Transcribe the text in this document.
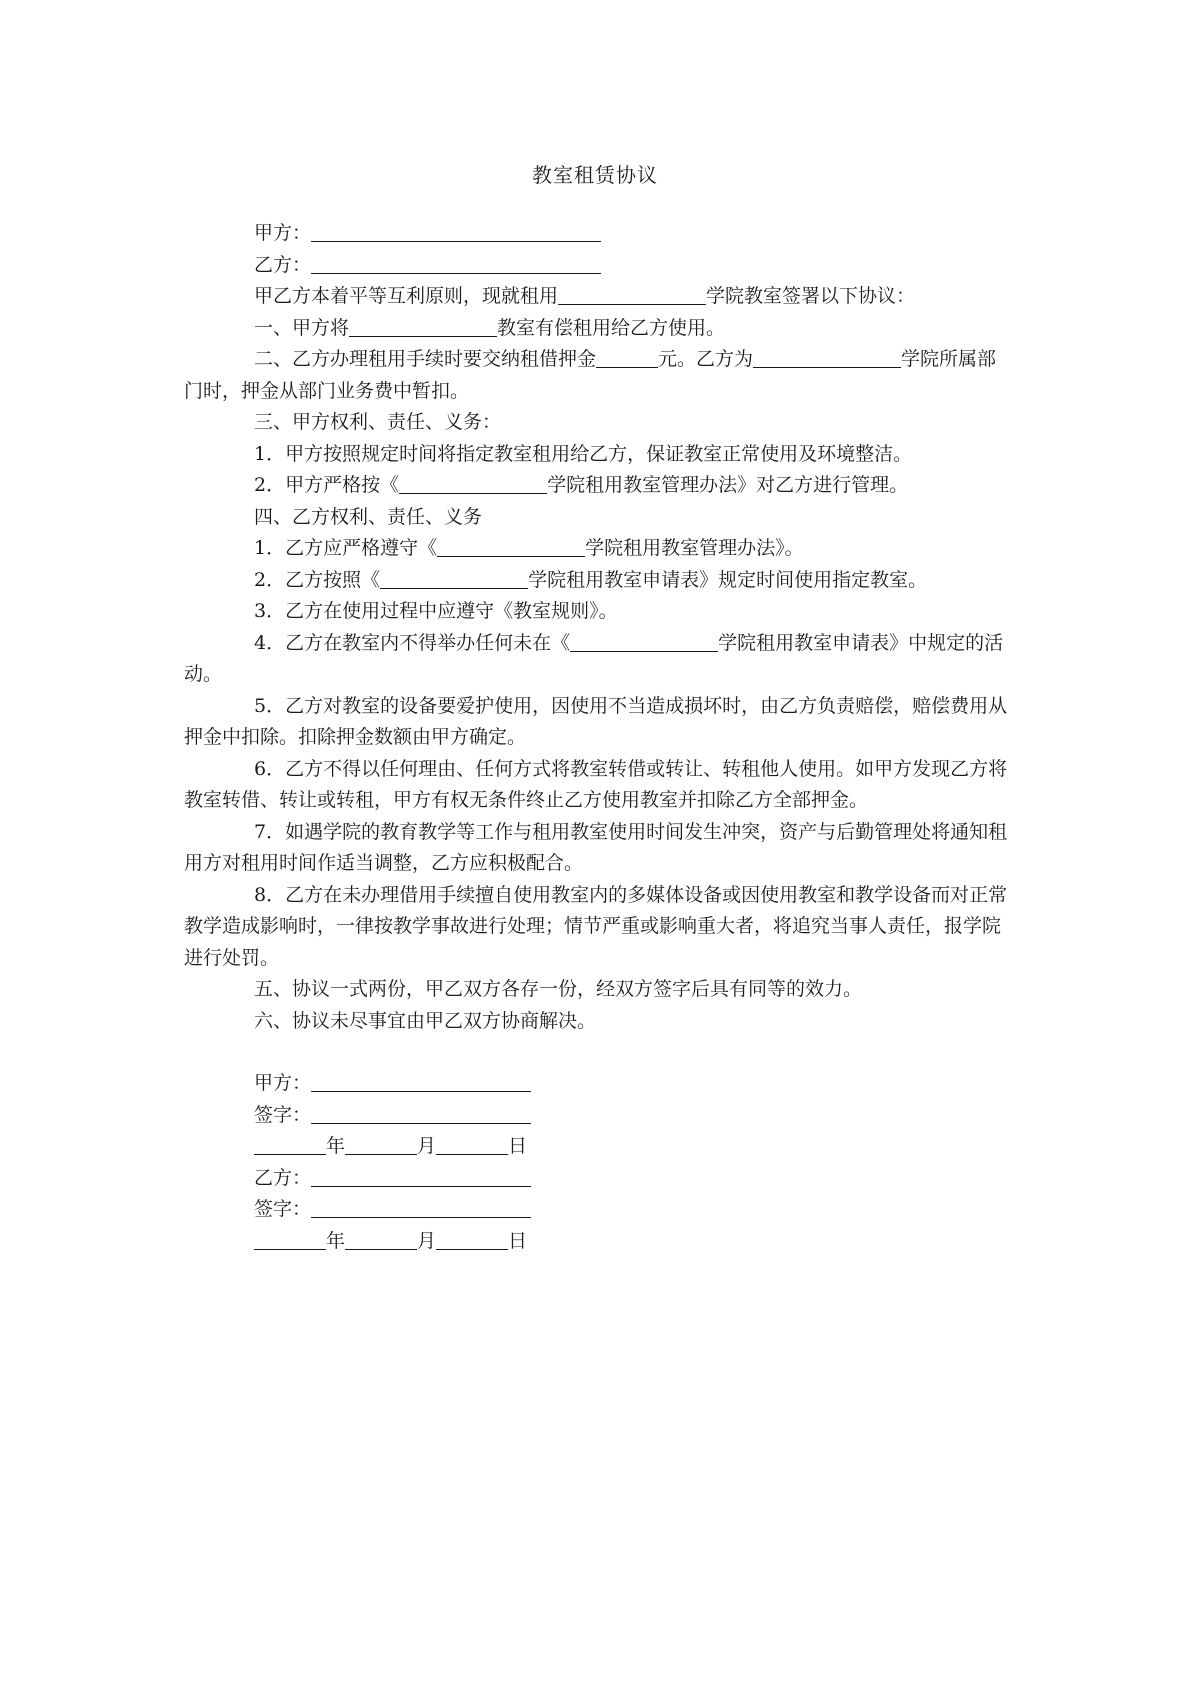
教室租赁协议

甲方：

乙方：

甲乙方本着平等互利原则，现就租用	学院教室签署以下协议：

一、甲方将	教室有偿租用给乙方使用。

二、乙方办理租用手续时要交纳租借押金	元。乙方为	学院所属部门时，押金从部门业务费中暂扣。

三、甲方权利、责任、义务：

1．甲方按照规定时间将指定教室租用给乙方，保证教室正常使用及环境整洁。

2．甲方严格按《	学院租用教室管理办法》对乙方进行管理。

四、乙方权利、责任、义务

1．乙方应严格遵守《	学院租用教室管理办法》。

2．乙方按照《	学院租用教室申请表》规定时间使用指定教室。

3．乙方在使用过程中应遵守《教室规则》。

4．乙方在教室内不得举办任何未在《	学院租用教室申请表》中规定的活动。

5．乙方对教室的设备要爱护使用，因使用不当造成损坏时，由乙方负责赔偿，赔偿费用从押金中扣除。扣除押金数额由甲方确定。

6．乙方不得以任何理由、任何方式将教室转借或转让、转租他人使用。如甲方发现乙方将教室转借、转让或转租，甲方有权无条件终止乙方使用教室并扣除乙方全部押金。

7．如遇学院的教育教学等工作与租用教室使用时间发生冲突，资产与后勤管理处将通知租用方对租用时间作适当调整，乙方应积极配合。

8．乙方在未办理借用手续擅自使用教室内的多媒体设备或因使用教室和教学设备而对正常教学造成影响时，一律按教学事故进行处理；情节严重或影响重大者，将追究当事人责任，报学院进行处罚。

五、协议一式两份，甲乙双方各存一份，经双方签字后具有同等的效力。

六、协议未尽事宜由甲乙双方协商解决。

甲方：

签字：

年	月	日

乙方：

签字：

年	月	日
